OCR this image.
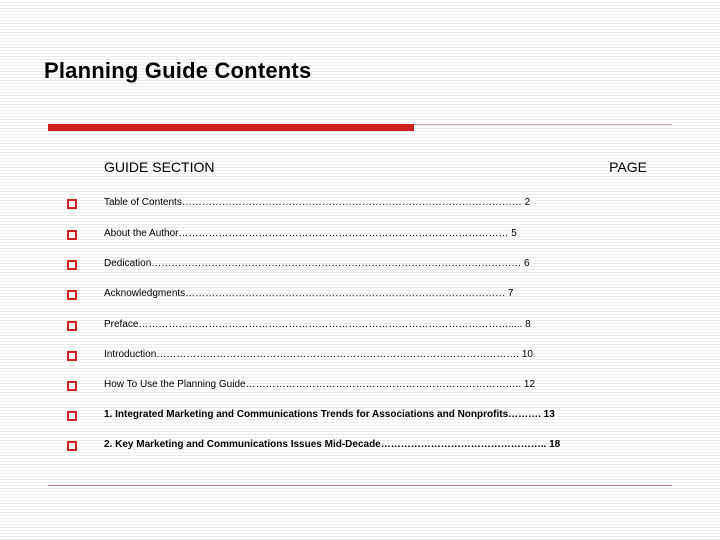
Planning Guide Contents
GUIDE SECTION	PAGE
Table of Contents………………………………………………………………………………………… 2
About the Author……………………………………………………………………………………… 5
Dedication………………………………………………………………………………………………… 6
Acknowledgments…………………………………………………………………………………… 7
Preface…………………………………………………………………………………………………..... 8
Introduction………………………………………………………………………………………………. 10
How To Use the Planning Guide……………………………………………………………………….. 12
1. Integrated Marketing and Communications Trends for Associations and Nonprofits………. 13
2. Key Marketing and Communications Issues Mid-Decade………………………………………….. 18
